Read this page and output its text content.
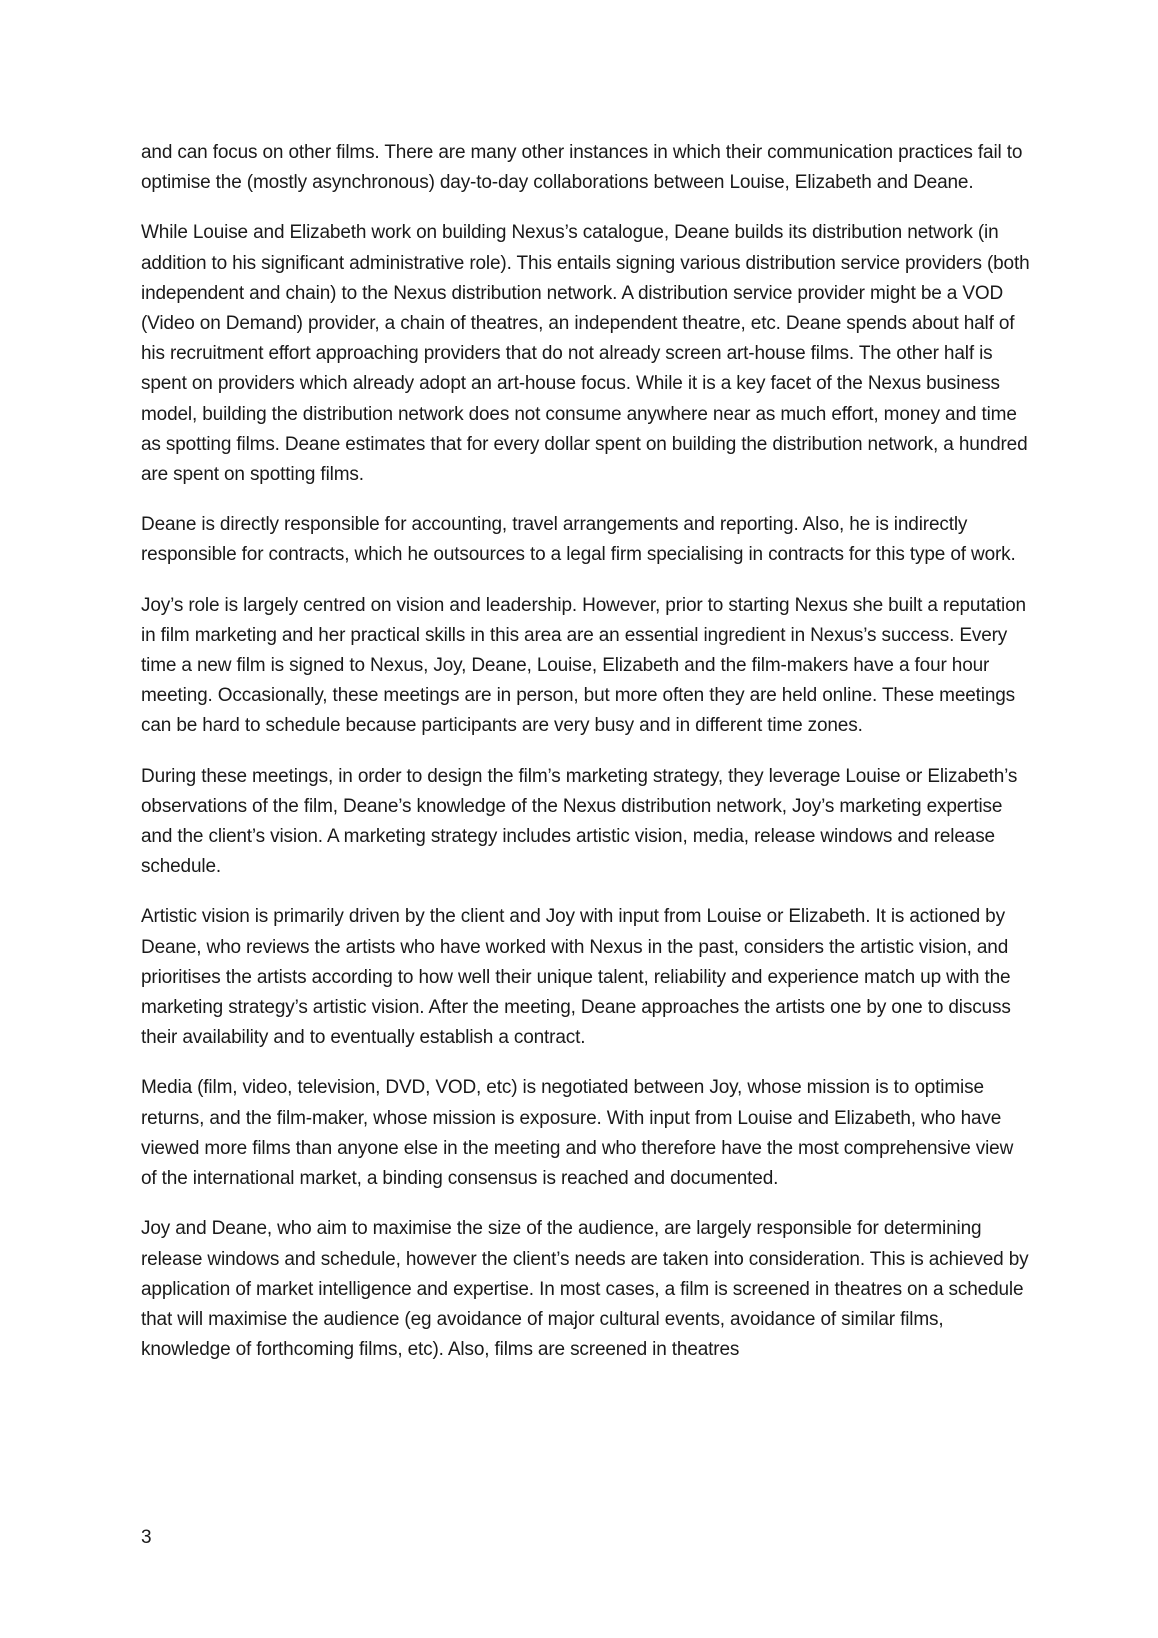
and can focus on other films. There are many other instances in which their communication practices fail to optimise the (mostly asynchronous) day-to-day collaborations between Louise, Elizabeth and Deane.

While Louise and Elizabeth work on building Nexus’s catalogue, Deane builds its distribution network (in addition to his significant administrative role). This entails signing various distribution service providers (both independent and chain) to the Nexus distribution network. A distribution service provider might be a VOD (Video on Demand) provider, a chain of theatres, an independent theatre, etc. Deane spends about half of his recruitment effort approaching providers that do not already screen art-house films. The other half is spent on providers which already adopt an art-house focus. While it is a key facet of the Nexus business model, building the distribution network does not consume anywhere near as much effort, money and time as spotting films. Deane estimates that for every dollar spent on building the distribution network, a hundred are spent on spotting films.

Deane is directly responsible for accounting, travel arrangements and reporting. Also, he is indirectly responsible for contracts, which he outsources to a legal firm specialising in contracts for this type of work.

Joy’s role is largely centred on vision and leadership. However, prior to starting Nexus she built a reputation in film marketing and her practical skills in this area are an essential ingredient in Nexus’s success. Every time a new film is signed to Nexus, Joy, Deane, Louise, Elizabeth and the film-makers have a four hour meeting. Occasionally, these meetings are in person, but more often they are held online. These meetings can be hard to schedule because participants are very busy and in different time zones.

During these meetings, in order to design the film’s marketing strategy, they leverage Louise or Elizabeth’s observations of the film, Deane’s knowledge of the Nexus distribution network, Joy’s marketing expertise and the client’s vision. A marketing strategy includes artistic vision, media, release windows and release schedule.

Artistic vision is primarily driven by the client and Joy with input from Louise or Elizabeth. It is actioned by Deane, who reviews the artists who have worked with Nexus in the past, considers the artistic vision, and prioritises the artists according to how well their unique talent, reliability and experience match up with the marketing strategy’s artistic vision. After the meeting, Deane approaches the artists one by one to discuss their availability and to eventually establish a contract.

Media (film, video, television, DVD, VOD, etc) is negotiated between Joy, whose mission is to optimise returns, and the film-maker, whose mission is exposure. With input from Louise and Elizabeth, who have viewed more films than anyone else in the meeting and who therefore have the most comprehensive view of the international market, a binding consensus is reached and documented.

Joy and Deane, who aim to maximise the size of the audience, are largely responsible for determining release windows and schedule, however the client’s needs are taken into consideration. This is achieved by application of market intelligence and expertise. In most cases, a film is screened in theatres on a schedule that will maximise the audience (eg avoidance of major cultural events, avoidance of similar films, knowledge of forthcoming films, etc). Also, films are screened in theatres

3
